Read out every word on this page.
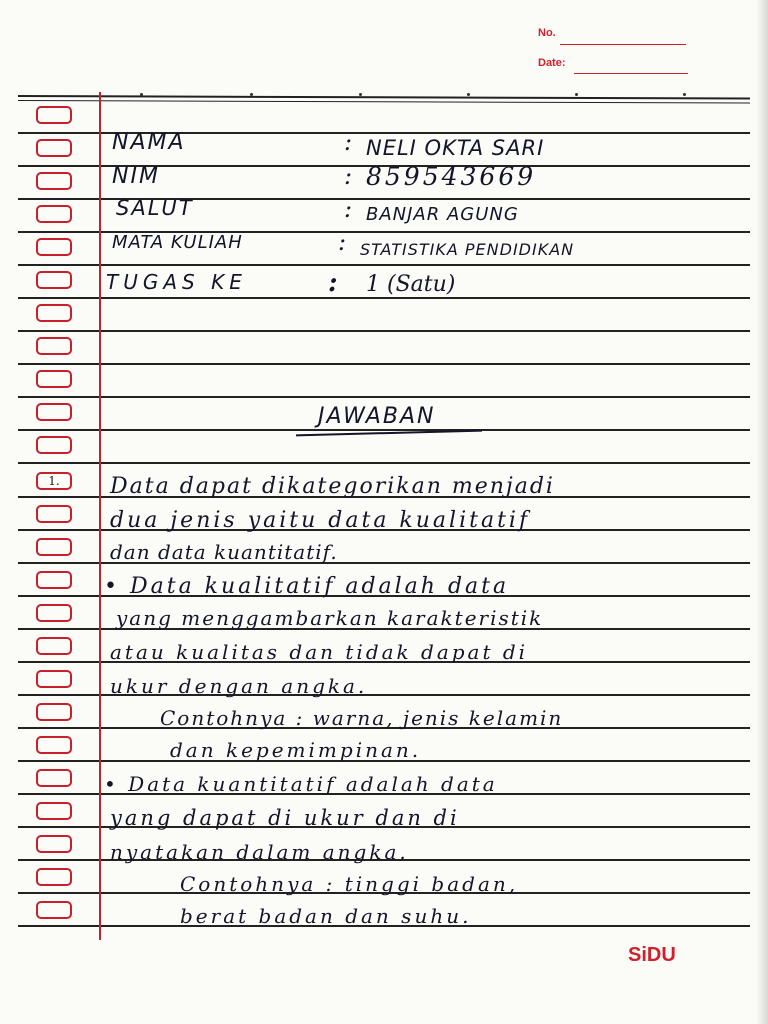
No.
Date:
1.
NAMA	: NELI OKTA SARI
NIM	: 859543669
SALUT	: BANJAR AGUNG
MATA KULIAH	: STATISTIKA PENDIDIKAN
TUGAS KE	: 1 (Satu)
JAWABAN
Data dapat dikategorikan menjadi
dua jenis yaitu data kualitatif
dan data kuantitatif.
• Data kualitatif adalah data
yang menggambarkan karakteristik
atau kualitas dan tidak dapat di
ukur dengan angka.
Contohnya : warna, jenis kelamin
dan kepemimpinan.
• Data kuantitatif adalah data
yang dapat di ukur dan di
nyatakan dalam angka.
Contohnya : tinggi badan,
berat badan dan suhu.
SiDU
